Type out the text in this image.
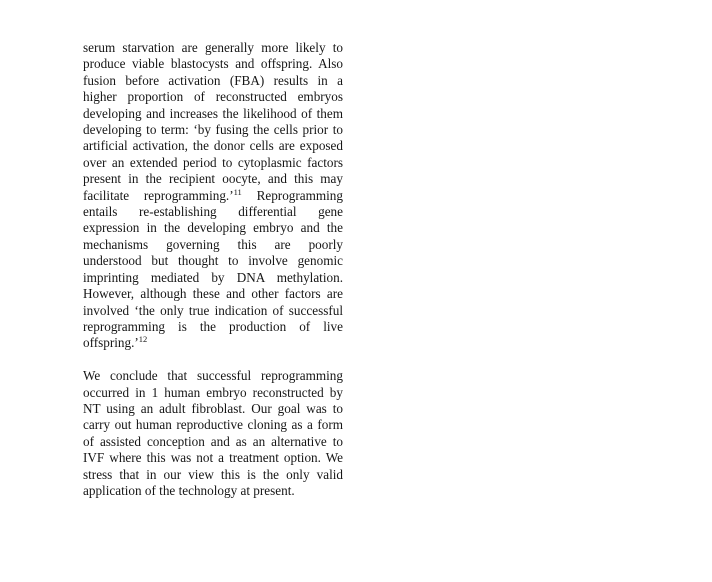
serum starvation are generally more likely to produce viable blastocysts and offspring. Also fusion before activation (FBA) results in a higher proportion of reconstructed embryos developing and increases the likelihood of them developing to term: ‘by fusing the cells prior to artificial activation, the donor cells are exposed over an extended period to cytoplasmic factors present in the recipient oocyte, and this may facilitate reprogramming.’$^{11}$ Reprogramming entails re-establishing differential gene expression in the developing embryo and the mechanisms governing this are poorly understood but thought to involve genomic imprinting mediated by DNA methylation. However, although these and other factors are involved ‘the only true indication of successful reprogramming is the production of live offspring.’$^{12}$

We conclude that successful reprogramming occurred in 1 human embryo reconstructed by NT using an adult fibroblast. Our goal was to carry out human reproductive cloning as a form of assisted conception and as an alternative to IVF where this was not a treatment option. We stress that in our view this is the only valid application of the technology at present.
